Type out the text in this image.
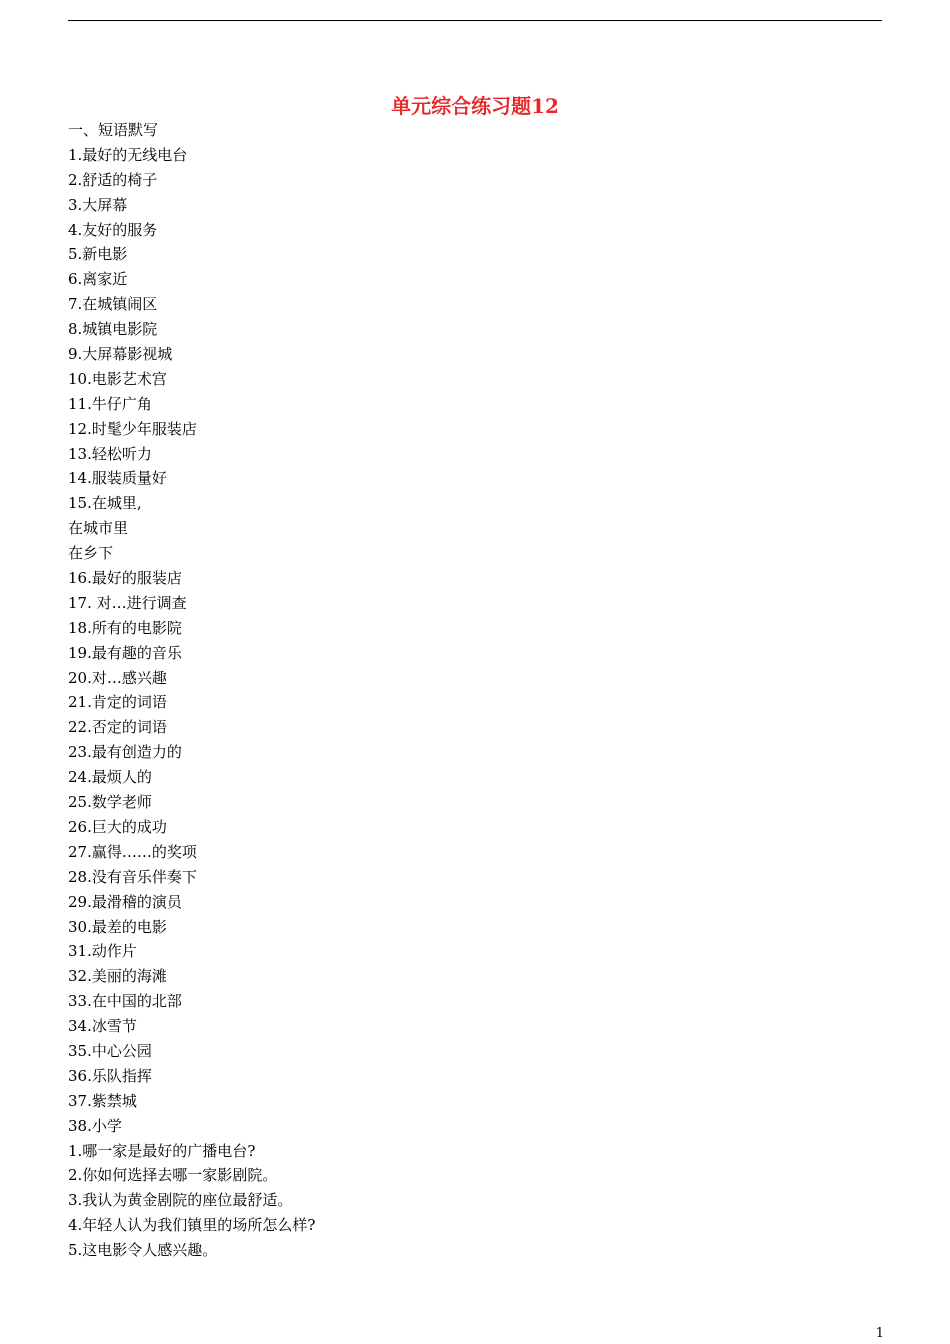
单元综合练习题12
一、短语默写
1.最好的无线电台
2.舒适的椅子
3.大屏幕
4.友好的服务
5.新电影
6.离家近
7.在城镇闹区
8.城镇电影院
9.大屏幕影视城
10.电影艺术宫
11.牛仔广角
12.时髦少年服装店
13.轻松听力
14.服装质量好
15.在城里,
在城市里
在乡下
16.最好的服装店
17. 对…进行调查
18.所有的电影院
19.最有趣的音乐
20.对…感兴趣
21.肯定的词语
22.否定的词语
23.最有创造力的
24.最烦人的
25.数学老师
26.巨大的成功
27.赢得……的奖项
28.没有音乐伴奏下
29.最滑稽的演员
30.最差的电影
31.动作片
32.美丽的海滩
33.在中国的北部
34.冰雪节
35.中心公园
36.乐队指挥
37.紫禁城
38.小学
1.哪一家是最好的广播电台?
2.你如何选择去哪一家影剧院。
3.我认为黄金剧院的座位最舒适。
4.年轻人认为我们镇里的场所怎么样?
5.这电影令人感兴趣。
1
